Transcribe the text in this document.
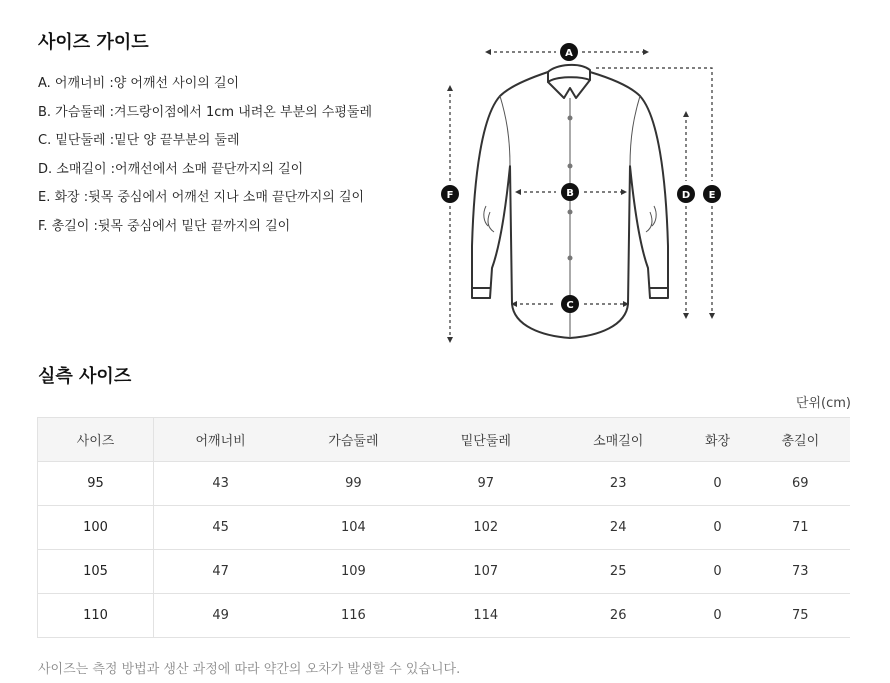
사이즈 가이드
A. 어깨너비 :양 어깨선 사이의 길이
B. 가슴둘레 :겨드랑이점에서 1cm 내려온 부분의 수평둘레
C. 밑단둘레 :밑단 양 끝부분의 둘레
D. 소매길이 :어깨선에서 소매 끝단까지의 길이
E. 화장 :뒷목 중심에서 어깨선 지나 소매 끝단까지의 길이
F. 총길이 :뒷목 중심에서 밑단 끝까지의 길이
A
B
C
D E
F
실측 사이즈
단위(cm)
사이즈	어깨너비	가슴둘레	밑단둘레	소매길이	화장	총길이
95	43	99	97	23	0	69
100	45	104	102	24	0	71
105	47	109	107	25	0	73
110	49	116	114	26	0	75
사이즈는 측정 방법과 생산 과정에 따라 약간의 오차가 발생할 수 있습니다.
